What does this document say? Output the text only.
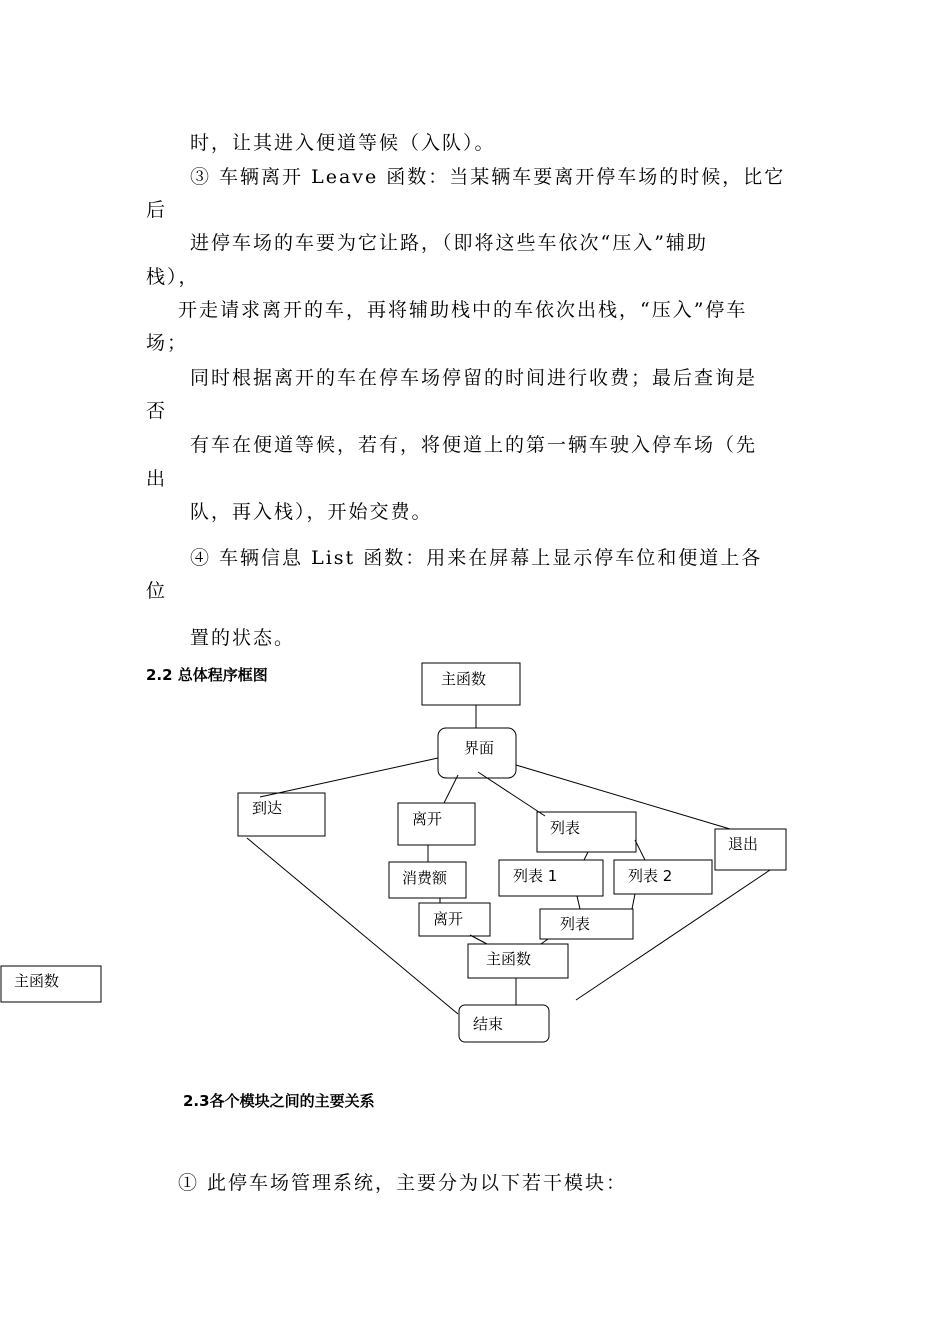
时，让其进入便道等候（入队）。
③ 车辆离开 Leave 函数：当某辆车要离开停车场的时候，比它
后
进停车场的车要为它让路，（即将这些车依次“压入”辅助
栈），
开走请求离开的车，再将辅助栈中的车依次出栈，“压入”停车
场；
同时根据离开的车在停车场停留的时间进行收费；最后查询是
否
有车在便道等候，若有，将便道上的第一辆车驶入停车场（先
出
队，再入栈），开始交费。
④ 车辆信息 List 函数：用来在屏幕上显示停车位和便道上各
位
置的状态。
2.2 总体程序框图	主函数
界面
到达
离开	列表
退出
消费额	列表 1	列表 2
离开	列表
主函数
结束
主函数
2.3各个模块之间的主要关系
① 此停车场管理系统，主要分为以下若干模块：
